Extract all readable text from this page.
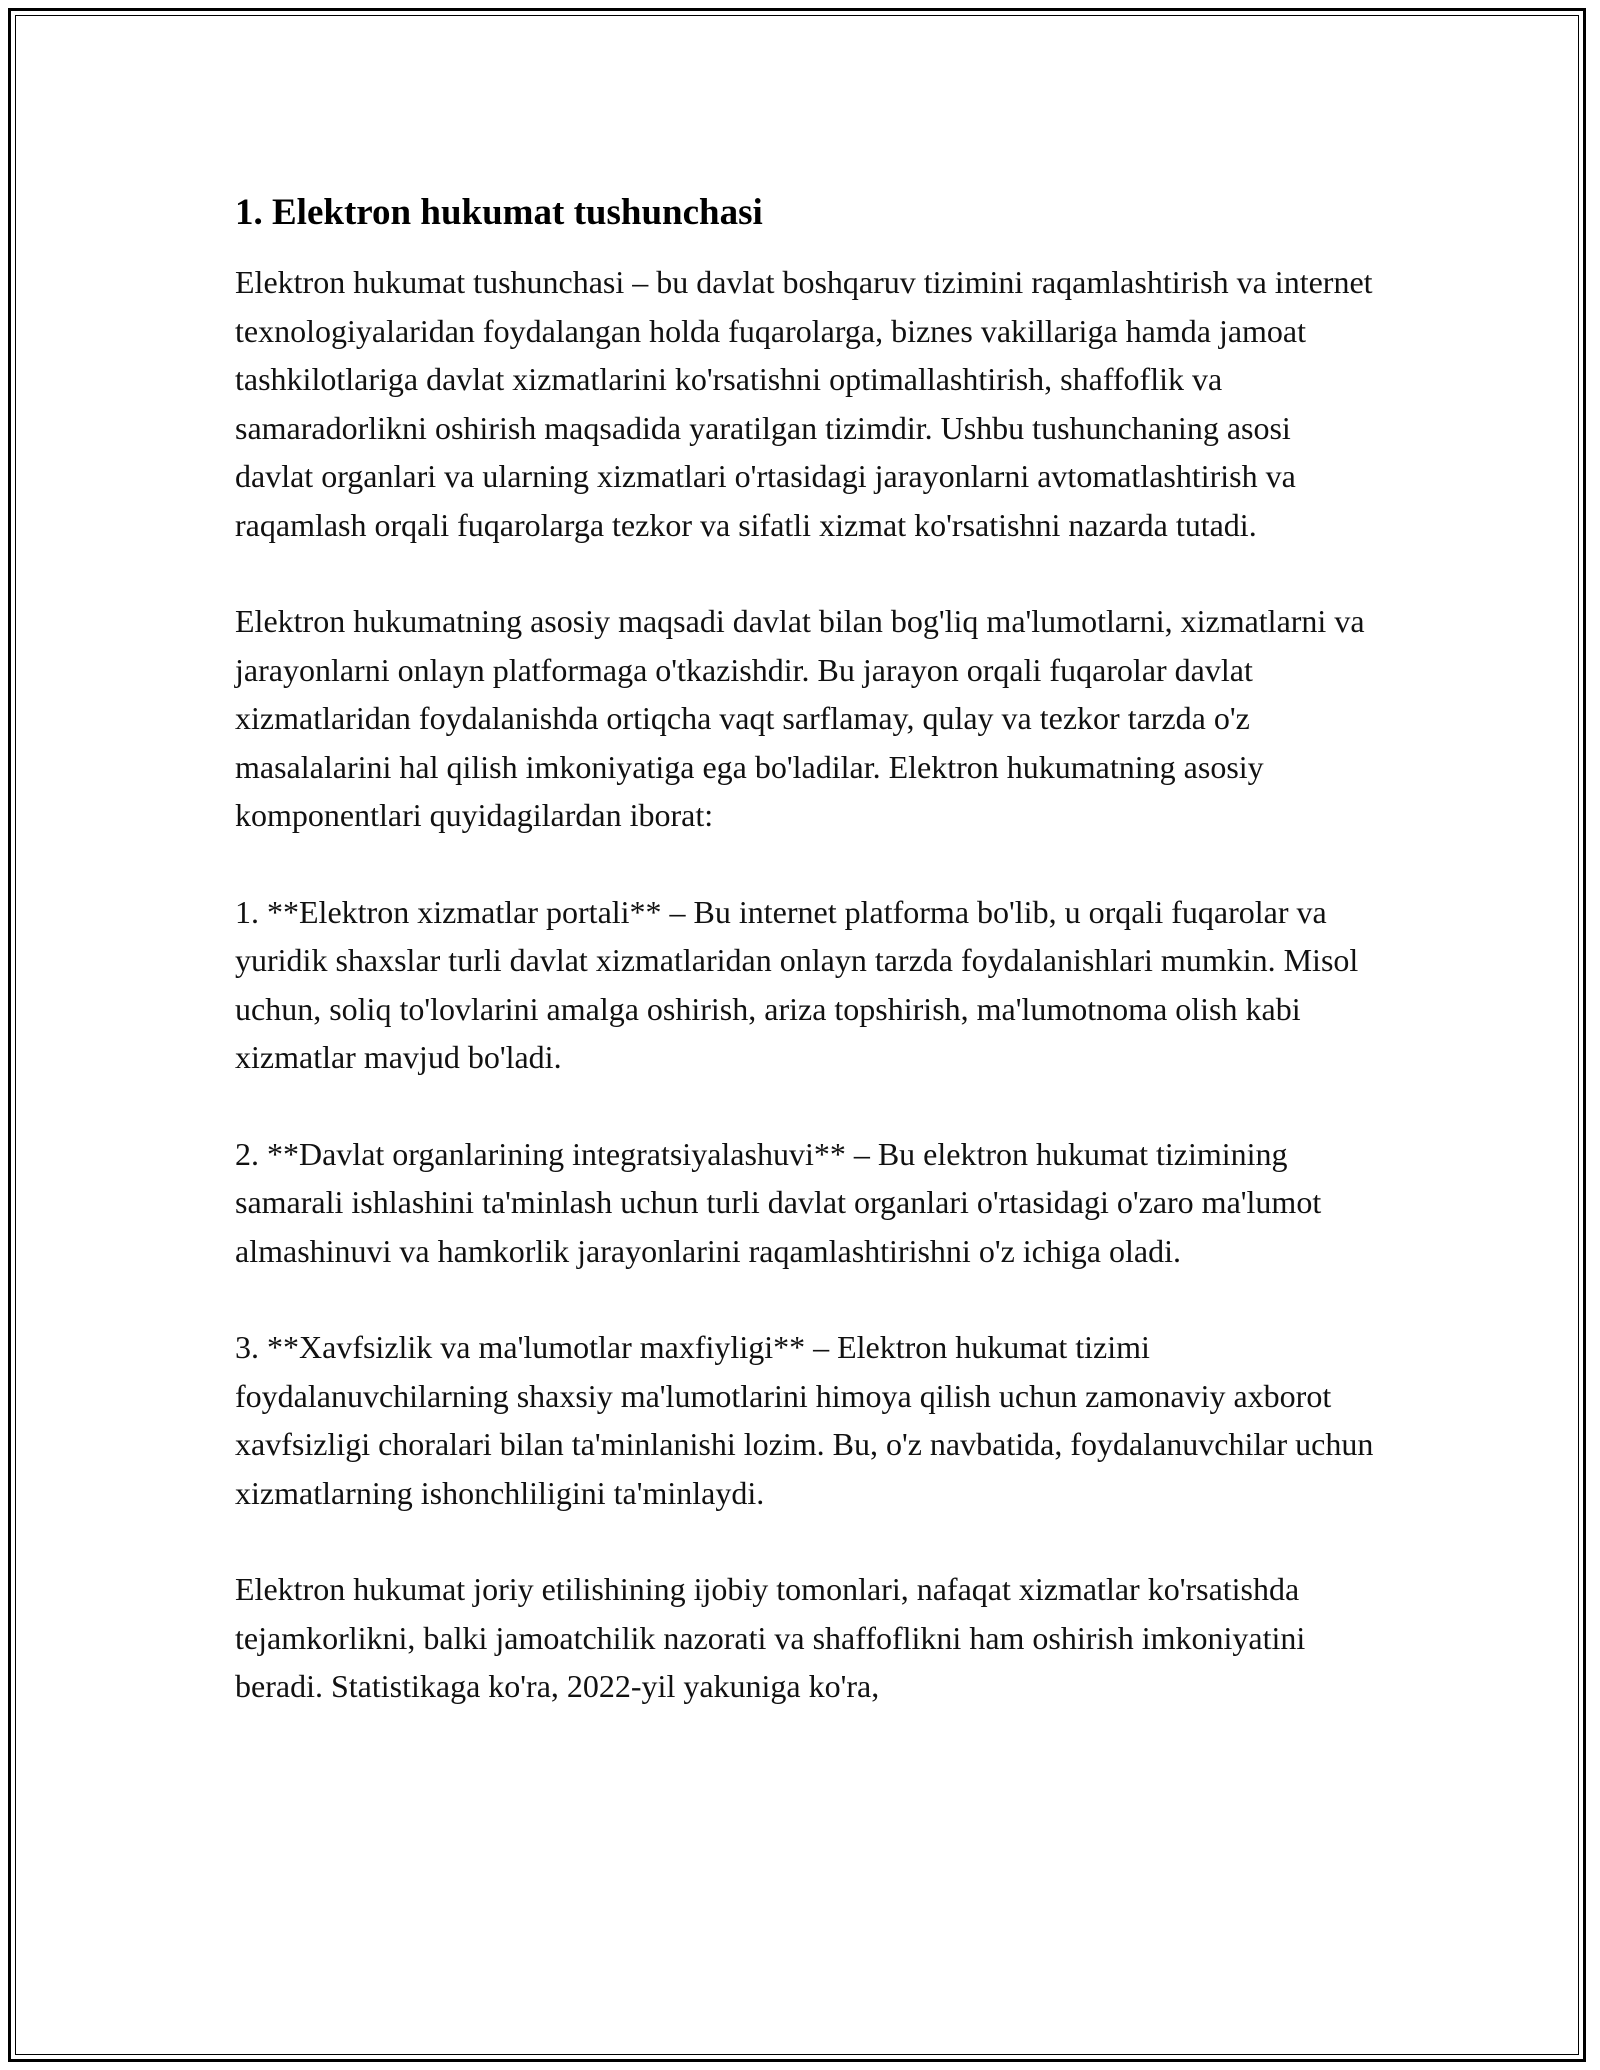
1. Elektron hukumat tushunchasi

Elektron hukumat tushunchasi – bu davlat boshqaruv tizimini raqamlashtirish va internet texnologiyalaridan foydalangan holda fuqarolarga, biznes vakillariga hamda jamoat tashkilotlariga davlat xizmatlarini ko'rsatishni optimallashtirish, shaffoflik va samaradorlikni oshirish maqsadida yaratilgan tizimdir. Ushbu tushunchaning asosi davlat organlari va ularning xizmatlari o'rtasidagi jarayonlarni avtomatlashtirish va raqamlash orqali fuqarolarga tezkor va sifatli xizmat ko'rsatishni nazarda tutadi.

Elektron hukumatning asosiy maqsadi davlat bilan bog'liq ma'lumotlarni, xizmatlarni va jarayonlarni onlayn platformaga o'tkazishdir. Bu jarayon orqali fuqarolar davlat xizmatlaridan foydalanishda ortiqcha vaqt sarflamay, qulay va tezkor tarzda o'z masalalarini hal qilish imkoniyatiga ega bo'ladilar. Elektron hukumatning asosiy komponentlari quyidagilardan iborat:

1. **Elektron xizmatlar portali** – Bu internet platforma bo'lib, u orqali fuqarolar va yuridik shaxslar turli davlat xizmatlaridan onlayn tarzda foydalanishlari mumkin. Misol uchun, soliq to'lovlarini amalga oshirish, ariza topshirish, ma'lumotnoma olish kabi xizmatlar mavjud bo'ladi.

2. **Davlat organlarining integratsiyalashuvi** – Bu elektron hukumat tizimining samarali ishlashini ta'minlash uchun turli davlat organlari o'rtasidagi o'zaro ma'lumot almashinuvi va hamkorlik jarayonlarini raqamlashtirishni o'z ichiga oladi.

3. **Xavfsizlik va ma'lumotlar maxfiyligi** – Elektron hukumat tizimi foydalanuvchilarning shaxsiy ma'lumotlarini himoya qilish uchun zamonaviy axborot xavfsizligi choralari bilan ta'minlanishi lozim. Bu, o'z navbatida, foydalanuvchilar uchun xizmatlarning ishonchliligini ta'minlaydi.

Elektron hukumat joriy etilishining ijobiy tomonlari, nafaqat xizmatlar ko'rsatishda tejamkorlikni, balki jamoatchilik nazorati va shaffoflikni ham oshirish imkoniyatini beradi. Statistikaga ko'ra, 2022-yil yakuniga ko'ra,
